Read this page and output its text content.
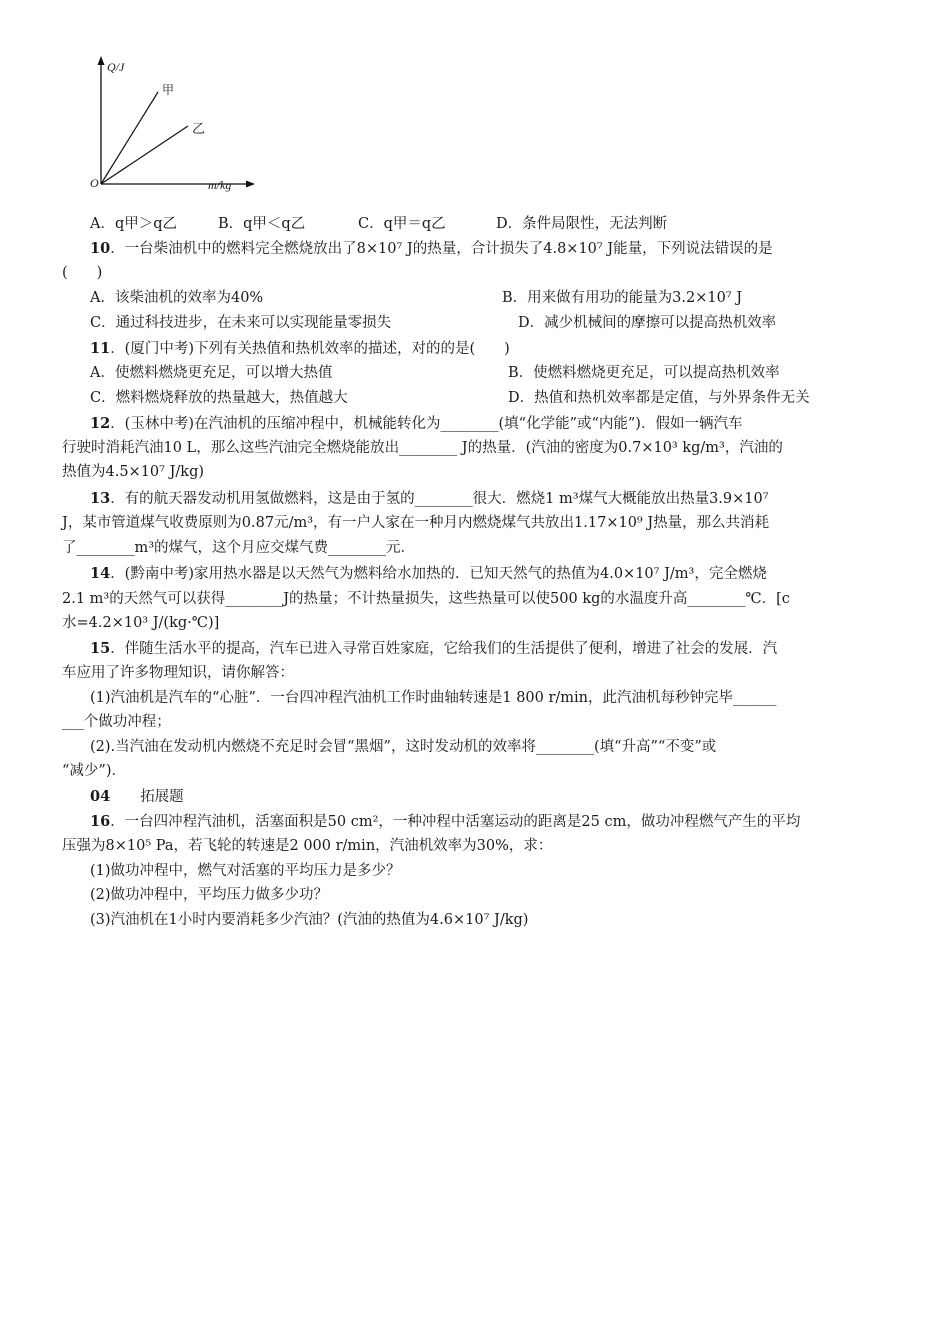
Q/J
甲
乙
O	m/kg
A．q甲＞q乙	B．q甲＜q乙	C．q甲＝q乙	D．条件局限性，无法判断
10．一台柴油机中的燃料完全燃烧放出了8×10⁷ J的热量，合计损失了4.8×10⁷ J能量，下列说法错误的是
(　　)
A．该柴油机的效率为40%	B．用来做有用功的能量为3.2×10⁷ J
C．通过科技进步，在未来可以实现能量零损失	D．减少机械间的摩擦可以提高热机效率
11．(厦门中考)下列有关热值和热机效率的描述，对的的是(　　)
A．使燃料燃烧更充足，可以增大热值	B．使燃料燃烧更充足，可以提高热机效率
C．燃料燃烧释放的热量越大，热值越大	D．热值和热机效率都是定值，与外界条件无关
12．(玉林中考)在汽油机的压缩冲程中，机械能转化为________(填“化学能”或“内能”)．假如一辆汽车
行驶时消耗汽油10 L，那么这些汽油完全燃烧能放出________ J的热量．(汽油的密度为0.7×10³ kg/m³，汽油的
热值为4.5×10⁷ J/kg)
13．有的航天器发动机用氢做燃料，这是由于氢的________很大．燃烧1 m³煤气大概能放出热量3.9×10⁷
J，某市管道煤气收费原则为0.87元/m³，有一户人家在一种月内燃烧煤气共放出1.17×10⁹ J热量，那么共消耗
了________m³的煤气，这个月应交煤气费________元．
14．(黔南中考)家用热水器是以天然气为燃料给水加热的．已知天然气的热值为4.0×10⁷ J/m³，完全燃烧
2.1 m³的天然气可以获得________J的热量；不计热量损失，这些热量可以使500 kg的水温度升高________℃．[c
水=4.2×10³ J/(kg·℃)]
15．伴随生活水平的提高，汽车已进入寻常百姓家庭，它给我们的生活提供了便利，增进了社会的发展．汽
车应用了许多物理知识，请你解答：
(1)汽油机是汽车的“心脏”．一台四冲程汽油机工作时曲轴转速是1 800 r/min，此汽油机每秒钟完毕______
___个做功冲程；
(2).当汽油在发动机内燃烧不充足时会冒“黑烟”，这时发动机的效率将________(填“升高”“不变”或
“减少”)．
04 拓展题
16．一台四冲程汽油机，活塞面积是50 cm²，一种冲程中活塞运动的距离是25 cm，做功冲程燃气产生的平均
压强为8×10⁵ Pa，若飞轮的转速是2 000 r/min，汽油机效率为30%，求：
(1)做功冲程中，燃气对活塞的平均压力是多少？
(2)做功冲程中，平均压力做多少功？
(3)汽油机在1小时内要消耗多少汽油？(汽油的热值为4.6×10⁷ J/kg)
